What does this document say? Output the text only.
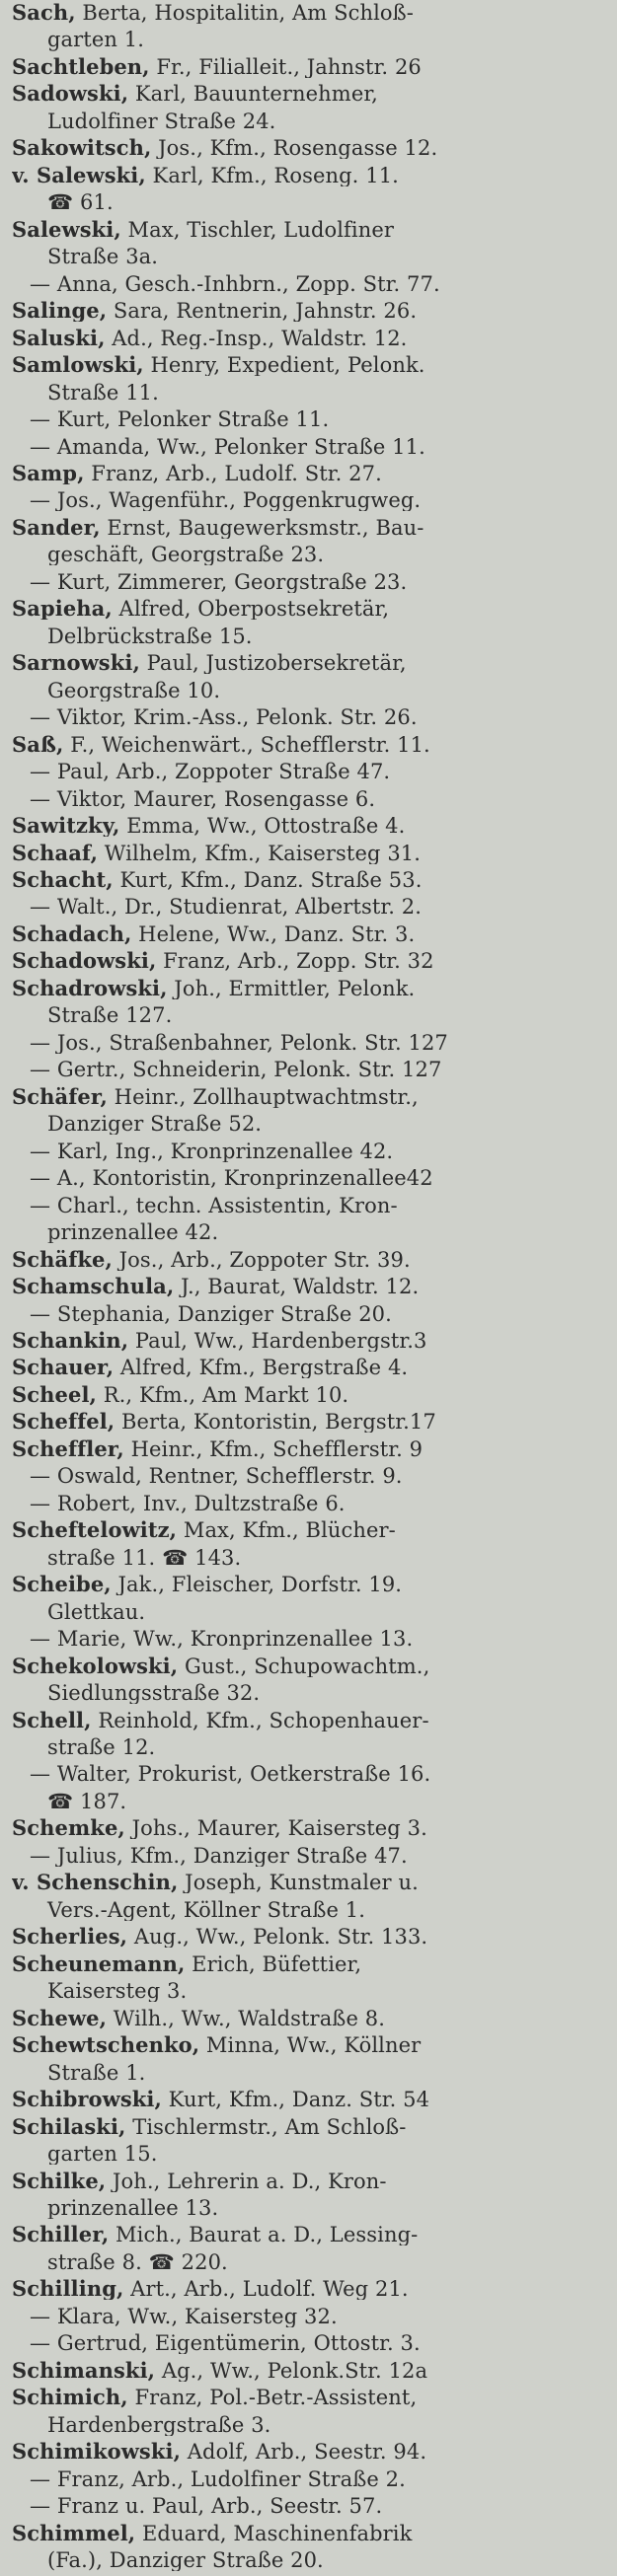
Sach, Berta, Hospitalitin, Am Schloß-
garten 1.
Sachtleben, Fr., Filialleit., Jahnstr. 26
Sadowski, Karl, Bauunternehmer,
Ludolfiner Straße 24.
Sakowitsch, Jos., Kfm., Rosengasse 12.
v. Salewski, Karl, Kfm., Roseng. 11.
☎ 61.
Salewski, Max, Tischler, Ludolfiner
Straße 3a.
— Anna, Gesch.-Inhbrn., Zopp. Str. 77.
Salinge, Sara, Rentnerin, Jahnstr. 26.
Saluski, Ad., Reg.-Insp., Waldstr. 12.
Samlowski, Henry, Expedient, Pelonk.
Straße 11.
— Kurt, Pelonker Straße 11.
— Amanda, Ww., Pelonker Straße 11.
Samp, Franz, Arb., Ludolf. Str. 27.
— Jos., Wagenführ., Poggenkrugweg.
Sander, Ernst, Baugewerksmstr., Bau-
geschäft, Georgstraße 23.
— Kurt, Zimmerer, Georgstraße 23.
Sapieha, Alfred, Oberpostsekretär,
Delbrückstraße 15.
Sarnowski, Paul, Justizobersekretär,
Georgstraße 10.
— Viktor, Krim.-Ass., Pelonk. Str. 26.
Saß, F., Weichenwärt., Schefflerstr. 11.
— Paul, Arb., Zoppoter Straße 47.
— Viktor, Maurer, Rosengasse 6.
Sawitzky, Emma, Ww., Ottostraße 4.
Schaaf, Wilhelm, Kfm., Kaisersteg 31.
Schacht, Kurt, Kfm., Danz. Straße 53.
— Walt., Dr., Studienrat, Albertstr. 2.
Schadach, Helene, Ww., Danz. Str. 3.
Schadowski, Franz, Arb., Zopp. Str. 32
Schadrowski, Joh., Ermittler, Pelonk.
Straße 127.
— Jos., Straßenbahner, Pelonk. Str. 127
— Gertr., Schneiderin, Pelonk. Str. 127
Schäfer, Heinr., Zollhauptwachtmstr.,
Danziger Straße 52.
— Karl, Ing., Kronprinzenallee 42.
— A., Kontoristin, Kronprinzenallee42
— Charl., techn. Assistentin, Kron-
prinzenallee 42.
Schäfke, Jos., Arb., Zoppoter Str. 39.
Schamschula, J., Baurat, Waldstr. 12.
— Stephania, Danziger Straße 20.
Schankin, Paul, Ww., Hardenbergstr.3
Schauer, Alfred, Kfm., Bergstraße 4.
Scheel, R., Kfm., Am Markt 10.
Scheffel, Berta, Kontoristin, Bergstr.17
Scheffler, Heinr., Kfm., Schefflerstr. 9
— Oswald, Rentner, Schefflerstr. 9.
— Robert, Inv., Dultzstraße 6.
Scheftelowitz, Max, Kfm., Blücher-
straße 11. ☎ 143.
Scheibe, Jak., Fleischer, Dorfstr. 19.
Glettkau.
— Marie, Ww., Kronprinzenallee 13.
Schekolowski, Gust., Schupowachtm.,
Siedlungsstraße 32.
Schell, Reinhold, Kfm., Schopenhauer-
straße 12.
— Walter, Prokurist, Oetkerstraße 16.
☎ 187.
Schemke, Johs., Maurer, Kaisersteg 3.
— Julius, Kfm., Danziger Straße 47.
v. Schenschin, Joseph, Kunstmaler u.
Vers.-Agent, Köllner Straße 1.
Scherlies, Aug., Ww., Pelonk. Str. 133.
Scheunemann, Erich, Büfettier,
Kaisersteg 3.
Schewe, Wilh., Ww., Waldstraße 8.
Schewtschenko, Minna, Ww., Köllner
Straße 1.
Schibrowski, Kurt, Kfm., Danz. Str. 54
Schilaski, Tischlermstr., Am Schloß-
garten 15.
Schilke, Joh., Lehrerin a. D., Kron-
prinzenallee 13.
Schiller, Mich., Baurat a. D., Lessing-
straße 8. ☎ 220.
Schilling, Art., Arb., Ludolf. Weg 21.
— Klara, Ww., Kaisersteg 32.
— Gertrud, Eigentümerin, Ottostr. 3.
Schimanski, Ag., Ww., Pelonk.Str. 12a
Schimich, Franz, Pol.-Betr.-Assistent,
Hardenbergstraße 3.
Schimikowski, Adolf, Arb., Seestr. 94.
— Franz, Arb., Ludolfiner Straße 2.
— Franz u. Paul, Arb., Seestr. 57.
Schimmel, Eduard, Maschinenfabrik
(Fa.), Danziger Straße 20.
